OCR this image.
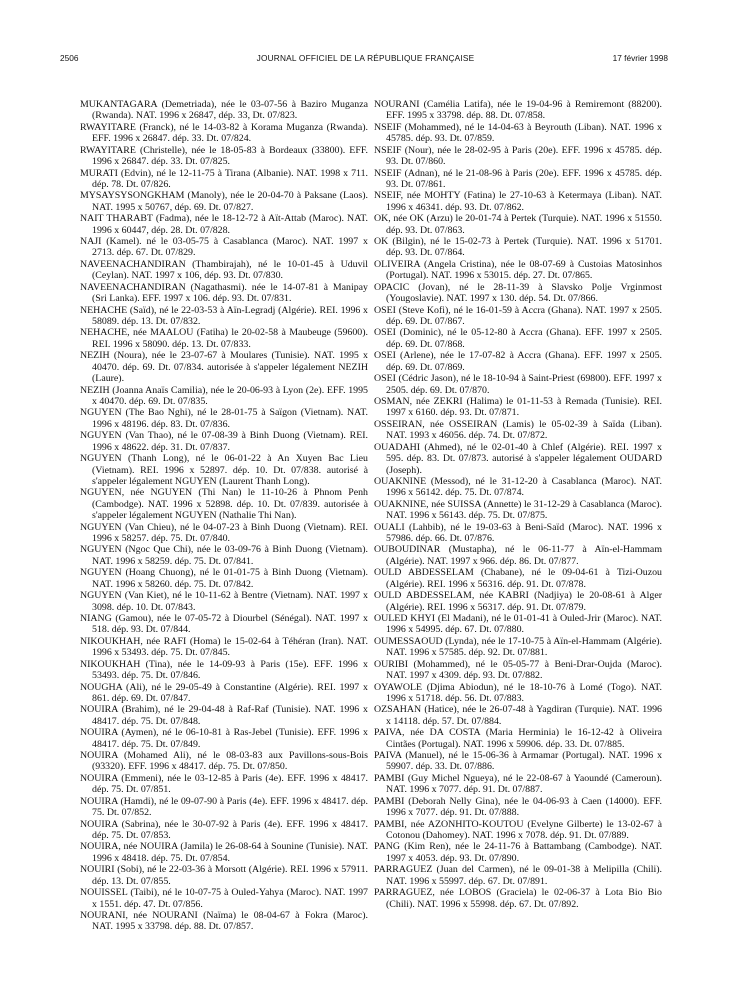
2506	JOURNAL OFFICIEL DE LA RÉPUBLIQUE FRANÇAISE	17 février 1998

MUKANTAGARA (Demetriada), née le 03-07-56 à Baziro Muganza (Rwanda). NAT. 1996 x 26847, dép. 33, Dt. 07/823.

RWAYITARE (Franck), né le 14-03-82 à Korama Muganza (Rwanda). EFF. 1996 x 26847. dép. 33. Dt. 07/824.

RWAYITARE (Christelle), née le 18-05-83 à Bordeaux (33800). EFF. 1996 x 26847. dép. 33. Dt. 07/825.

MURATI (Edvin), né le 12-11-75 à Tirana (Albanie). NAT. 1998 x 711. dép. 78. Dt. 07/826.

MYSAYSYSONGKHAM (Manoly), née le 20-04-70 à Paksane (Laos). NAT. 1995 x 50767, dép. 69. Dt. 07/827.

NAIT THARABT (Fadma), née le 18-12-72 à Aït-Attab (Maroc). NAT. 1996 x 60447, dép. 28. Dt. 07/828.

NAJI (Kamel). né le 03-05-75 à Casablanca (Maroc). NAT. 1997 x 2713. dép. 67. Dt. 07/829.

NAVEENACHANDIRAN (Thambirajah), né le 10-01-45 à Uduvil (Ceylan). NAT. 1997 x 106, dép. 93. Dt. 07/830.

NAVEENACHANDIRAN (Nagathasmi). née le 14-07-81 à Manipay (Sri Lanka). EFF. 1997 x 106. dép. 93. Dt. 07/831.

NEHACHE (Saïd), né le 22-03-53 à Aïn-Legradj (Algérie). REI. 1996 x 58089. dép. 13. Dt. 07/832.

NEHACHE, née MAALOU (Fatiha) le 20-02-58 à Maubeuge (59600). REI. 1996 x 58090. dép. 13. Dt. 07/833.

NEZIH (Noura), née le 23-07-67 à Moulares (Tunisie). NAT. 1995 x 40470. dép. 69. Dt. 07/834. autorisée à s'appeler légalement NEZIH (Laure).

NEZIH (Joanna Anaïs Camilia), née le 20-06-93 à Lyon (2e). EFF. 1995 x 40470. dép. 69. Dt. 07/835.

NGUYEN (The Bao Nghi), né le 28-01-75 à Saïgon (Vietnam). NAT. 1996 x 48196. dép. 83. Dt. 07/836.

NGUYEN (Van Thao), né le 07-08-39 à Binh Duong (Vietnam). REI. 1996 x 48622. dép. 31. Dt. 07/837.

NGUYEN (Thanh Long), né le 06-01-22 à An Xuyen Bac Lieu (Vietnam). REI. 1996 x 52897. dép. 10. Dt. 07/838. autorisé à s'appeler légalement NGUYEN (Laurent Thanh Long).

NGUYEN, née NGUYEN (Thi Nan) le 11-10-26 à Phnom Penh (Cambodge). NAT. 1996 x 52898. dép. 10. Dt. 07/839. autorisée à s'appeler légalement NGUYEN (Nathalie Thi Nan).

NGUYEN (Van Chieu), né le 04-07-23 à Binh Duong (Vietnam). REI. 1996 x 58257. dép. 75. Dt. 07/840.

NGUYEN (Ngoc Que Chi), née le 03-09-76 à Binh Duong (Vietnam). NAT. 1996 x 58259. dép. 75. Dt. 07/841.

NGUYEN (Hoang Chuong), né le 01-01-75 à Binh Duong (Vietnam). NAT. 1996 x 58260. dép. 75. Dt. 07/842.

NGUYEN (Van Kiet), né le 10-11-62 à Bentre (Vietnam). NAT. 1997 x 3098. dép. 10. Dt. 07/843.

NIANG (Gamou), née le 07-05-72 à Diourbel (Sénégal). NAT. 1997 x 518. dép. 93. Dt. 07/844.

NIKOUKHAH, née RAFI (Homa) le 15-02-64 à Téhéran (Iran). NAT. 1996 x 53493. dép. 75. Dt. 07/845.

NIKOUKHAH (Tina), née le 14-09-93 à Paris (15e). EFF. 1996 x 53493. dép. 75. Dt. 07/846.

NOUGHA (Ali), né le 29-05-49 à Constantine (Algérie). REI. 1997 x 861. dép. 69. Dt. 07/847.

NOUIRA (Brahim), né le 29-04-48 à Raf-Raf (Tunisie). NAT. 1996 x 48417. dép. 75. Dt. 07/848.

NOUIRA (Aymen), né le 06-10-81 à Ras-Jebel (Tunisie). EFF. 1996 x 48417. dép. 75. Dt. 07/849.

NOUIRA (Mohamed Ali), né le 08-03-83 aux Pavillons-sous-Bois (93320). EFF. 1996 x 48417. dép. 75. Dt. 07/850.

NOUIRA (Emmeni), née le 03-12-85 à Paris (4e). EFF. 1996 x 48417. dép. 75. Dt. 07/851.

NOUIRA (Hamdi), né le 09-07-90 à Paris (4e). EFF. 1996 x 48417. dép. 75. Dt. 07/852.

NOUIRA (Sabrina), née le 30-07-92 à Paris (4e). EFF. 1996 x 48417. dép. 75. Dt. 07/853.

NOUIRA, née NOUIRA (Jamila) le 26-08-64 à Sounine (Tunisie). NAT. 1996 x 48418. dép. 75. Dt. 07/854.

NOUIRI (Sobi), né le 22-03-36 à Morsott (Algérie). REI. 1996 x 57911. dép. 13. Dt. 07/855.

NOUISSEL (Taibi), né le 10-07-75 à Ouled-Yahya (Maroc). NAT. 1997 x 1551. dép. 47. Dt. 07/856.

NOURANI, née NOURANI (Naïma) le 08-04-67 à Fokra (Maroc). NAT. 1995 x 33798. dép. 88. Dt. 07/857.

NOURANI (Camélia Latifa), née le 19-04-96 à Remiremont (88200). EFF. 1995 x 33798. dép. 88. Dt. 07/858.

NSEIF (Mohammed), né le 14-04-63 à Beyrouth (Liban). NAT. 1996 x 45785. dép. 93. Dt. 07/859.

NSEIF (Nour), née le 28-02-95 à Paris (20e). EFF. 1996 x 45785. dép. 93. Dt. 07/860.

NSEIF (Adnan), né le 21-08-96 à Paris (20e). EFF. 1996 x 45785. dép. 93. Dt. 07/861.

NSEIF, née MOHTY (Fatina) le 27-10-63 à Ketermaya (Liban). NAT. 1996 x 46341. dép. 93. Dt. 07/862.

OK, née OK (Arzu) le 20-01-74 à Pertek (Turquie). NAT. 1996 x 51550. dép. 93. Dt. 07/863.

OK (Bilgin), né le 15-02-73 à Pertek (Turquie). NAT. 1996 x 51701. dép. 93. Dt. 07/864.

OLIVEIRA (Angela Cristina), née le 08-07-69 à Custoias Matosinhos (Portugal). NAT. 1996 x 53015. dép. 27. Dt. 07/865.

OPACIC (Jovan), né le 28-11-39 à Slavsko Polje Vrginmost (Yougoslavie). NAT. 1997 x 130. dép. 54. Dt. 07/866.

OSEI (Steve Kofi), né le 16-01-59 à Accra (Ghana). NAT. 1997 x 2505. dép. 69. Dt. 07/867.

OSEI (Dominic), né le 05-12-80 à Accra (Ghana). EFF. 1997 x 2505. dép. 69. Dt. 07/868.

OSEI (Arlene), née le 17-07-82 à Accra (Ghana). EFF. 1997 x 2505. dép. 69. Dt. 07/869.

OSEI (Cédric Jason), né le 18-10-94 à Saint-Priest (69800). EFF. 1997 x 2505. dép. 69. Dt. 07/870.

OSMAN, née ZEKRI (Halima) le 01-11-53 à Remada (Tunisie). REI. 1997 x 6160. dép. 93. Dt. 07/871.

OSSEIRAN, née OSSEIRAN (Lamis) le 05-02-39 à Saïda (Liban). NAT. 1993 x 46056. dép. 74. Dt. 07/872.

OUADAHI (Ahmed), né le 02-01-40 à Chlef (Algérie). REI. 1997 x 595. dép. 83. Dt. 07/873. autorisé à s'appeler légalement OUDARD (Joseph).

OUAKNINE (Messod), né le 31-12-20 à Casablanca (Maroc). NAT. 1996 x 56142. dép. 75. Dt. 07/874.

OUAKNINE, née SUISSA (Annette) le 31-12-29 à Casablanca (Maroc). NAT. 1996 x 56143. dép. 75. Dt. 07/875.

OUALI (Lahbib), né le 19-03-63 à Beni-Saïd (Maroc). NAT. 1996 x 57986. dép. 66. Dt. 07/876.

OUBOUDINAR (Mustapha), né le 06-11-77 à Aïn-el-Hammam (Algérie). NAT. 1997 x 966. dép. 86. Dt. 07/877.

OULD ABDESSELAM (Chabane), né le 09-04-61 à Tizi-Ouzou (Algérie). REI. 1996 x 56316. dép. 91. Dt. 07/878.

OULD ABDESSELAM, née KABRI (Nadjiya) le 20-08-61 à Alger (Algérie). REI. 1996 x 56317. dép. 91. Dt. 07/879.

OULED KHYI (El Madani), né le 01-01-41 à Ouled-Jrir (Maroc). NAT. 1996 x 54995. dép. 67. Dt. 07/880.

OUMESSAOUD (Lynda), née le 17-10-75 à Aïn-el-Hammam (Algérie). NAT. 1996 x 57585. dép. 92. Dt. 07/881.

OURIBI (Mohammed), né le 05-05-77 à Beni-Drar-Oujda (Maroc). NAT. 1997 x 4309. dép. 93. Dt. 07/882.

OYAWOLE (Djima Abiodun), né le 18-10-76 à Lomé (Togo). NAT. 1996 x 51718. dép. 56. Dt. 07/883.

OZSAHAN (Hatice), née le 26-07-48 à Yagdiran (Turquie). NAT. 1996 x 14118. dép. 57. Dt. 07/884.

PAIVA, née DA COSTA (Maria Herminia) le 16-12-42 à Oliveira Cintães (Portugal). NAT. 1996 x 59906. dép. 33. Dt. 07/885.

PAIVA (Manuel), né le 15-06-36 à Armamar (Portugal). NAT. 1996 x 59907. dép. 33. Dt. 07/886.

PAMBI (Guy Michel Ngueya), né le 22-08-67 à Yaoundé (Cameroun). NAT. 1996 x 7077. dép. 91. Dt. 07/887.

PAMBI (Deborah Nelly Gina), née le 04-06-93 à Caen (14000). EFF. 1996 x 7077. dép. 91. Dt. 07/888.

PAMBI, née AZONHITO-KOUTOU (Evelyne Gilberte) le 13-02-67 à Cotonou (Dahomey). NAT. 1996 x 7078. dép. 91. Dt. 07/889.

PANG (Kim Ren), née le 24-11-76 à Battambang (Cambodge). NAT. 1997 x 4053. dép. 93. Dt. 07/890.

PARRAGUEZ (Juan del Carmen), né le 09-01-38 à Melipilla (Chili). NAT. 1996 x 55997. dép. 67. Dt. 07/891.

PARRAGUEZ, née LOBOS (Graciela) le 02-06-37 à Lota Bio Bio (Chili). NAT. 1996 x 55998. dép. 67. Dt. 07/892.
